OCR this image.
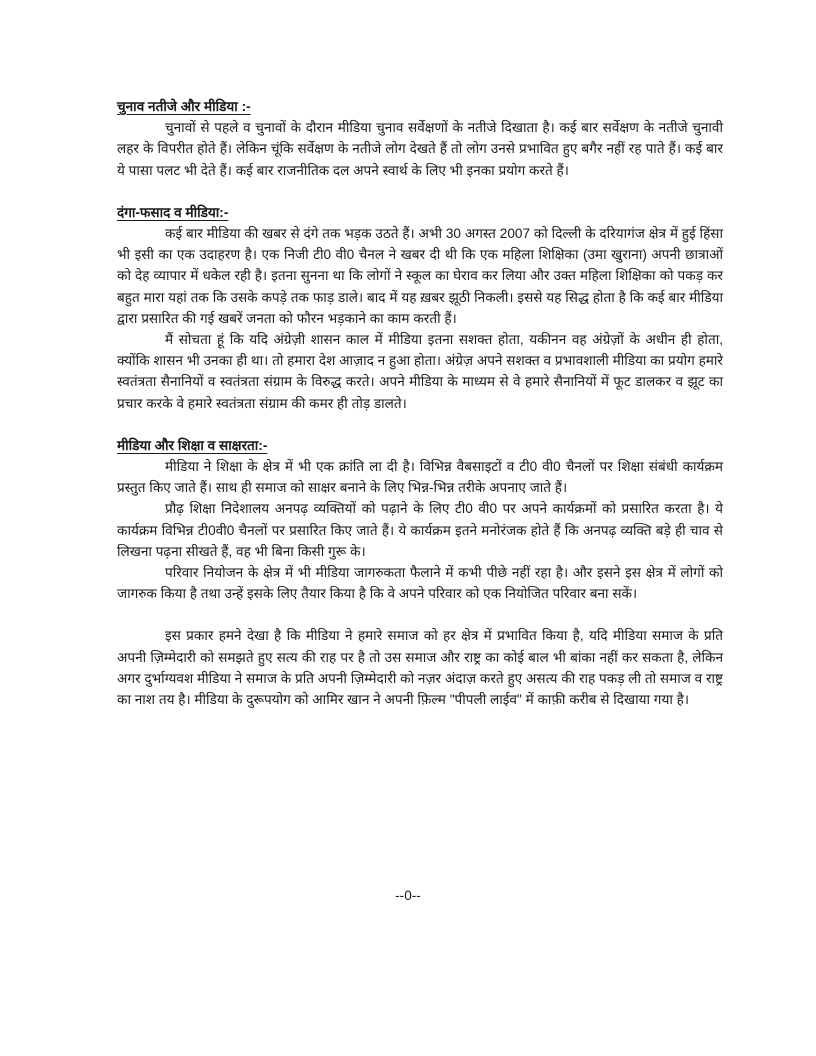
चुनाव नतीजे और मीडिया :-

चुनावों से पहले व चुनावों के दौरान मीडिया चुनाव सर्वेक्षणों के नतीजे दिखाता है। कई बार सर्वेक्षण के नतीजे चुनावी लहर के विपरीत होते हैं। लेकिन चूंकि सर्वेक्षण के नतीजे लोग देखते हैं तो लोग उनसे प्रभावित हुए बगैर नहीं रह पाते हैं। कई बार ये पासा पलट भी देते हैं। कई बार राजनीतिक दल अपने स्वार्थ के लिए भी इनका प्रयोग करते हैं।

दंगा-फसाद व मीडिया:-

कई बार मीडिया की खबर से दंगे तक भड़क उठते हैं। अभी 30 अगस्त 2007 को दिल्ली के दरियागंज क्षेत्र में हुई हिंसा भी इसी का एक उदाहरण है। एक निजी टी0 वी0 चैनल ने खबर दी थी कि एक महिला शिक्षिका (उमा खुराना) अपनी छात्राओं को देह व्यापार में धकेल रही है। इतना सुनना था कि लोगों ने स्कूल का घेराव कर लिया और उक्त महिला शिक्षिका को पकड़ कर बहुत मारा यहां तक कि उसके कपड़े तक फाड़ डाले। बाद में यह ख़बर झूठी निकली। इससे यह सिद्ध होता है कि कई बार मीडिया द्वारा प्रसारित की गई खबरें जनता को फौरन भड़काने का काम करती हैं।

मैं सोचता हूं कि यदि अंग्रेज़ी शासन काल में मीडिया इतना सशक्त होता, यकीनन वह अंग्रेज़ों के अधीन ही होता, क्योंकि शासन भी उनका ही था। तो हमारा देश आज़ाद न हुआ होता। अंग्रेज़ अपने सशक्त व प्रभावशाली मीडिया का प्रयोग हमारे स्वतंत्रता सैनानियों व स्वतंत्रता संग्राम के विरुद्ध करते। अपने मीडिया के माध्यम से वे हमारे सैनानियों में फूट डालकर व झूट का प्रचार करके वे हमारे स्वतंत्रता संग्राम की कमर ही तोड़ डालते।

मीडिया और शिक्षा व साक्षरता:-

मीडिया ने शिक्षा के क्षेत्र में भी एक क्रांति ला दी है। विभिन्न वैबसाइटों व टी0 वी0 चैनलों पर शिक्षा संबंधी कार्यक्रम प्रस्तुत किए जाते हैं। साथ ही समाज को साक्षर बनाने के लिए भिन्न-भिन्न तरीके अपनाए जाते हैं।

प्रौढ़ शिक्षा निदेशालय अनपढ़ व्यक्तियों को पढ़ाने के लिए टी0 वी0 पर अपने कार्यक्रमों को प्रसारित करता है। ये कार्यक्रम विभिन्न टी0वी0 चैनलों पर प्रसारित किए जाते हैं। ये कार्यक्रम इतने मनोरंजक होते हैं कि अनपढ़ व्यक्ति बड़े ही चाव से लिखना पढ़ना सीखते हैं, वह भी बिना किसी गुरू के।

परिवार नियोजन के क्षेत्र में भी मीडिया जागरुकता फैलाने में कभी पीछे नहीं रहा है। और इसने इस क्षेत्र में लोगों को जागरुक किया है तथा उन्हें इसके लिए तैयार किया है कि वे अपने परिवार को एक नियोजित परिवार बना सकें।

इस प्रकार हमने देखा है कि मीडिया ने हमारे समाज को हर क्षेत्र में प्रभावित किया है, यदि मीडिया समाज के प्रति अपनी ज़िम्मेदारी को समझते हुए सत्य की राह पर है तो उस समाज और राष्ट्र का कोई बाल भी बांका नहीं कर सकता है, लेकिन अगर दुर्भाग्यवश मीडिया ने समाज के प्रति अपनी ज़िम्मेदारी को नज़र अंदाज़ करते हुए असत्य की राह पकड़ ली तो समाज व राष्ट्र का नाश तय है। मीडिया के दुरूपयोग को आमिर खान ने अपनी फ़िल्म "पीपली लाईव" में काफ़ी करीब से दिखाया गया है।

--0--
